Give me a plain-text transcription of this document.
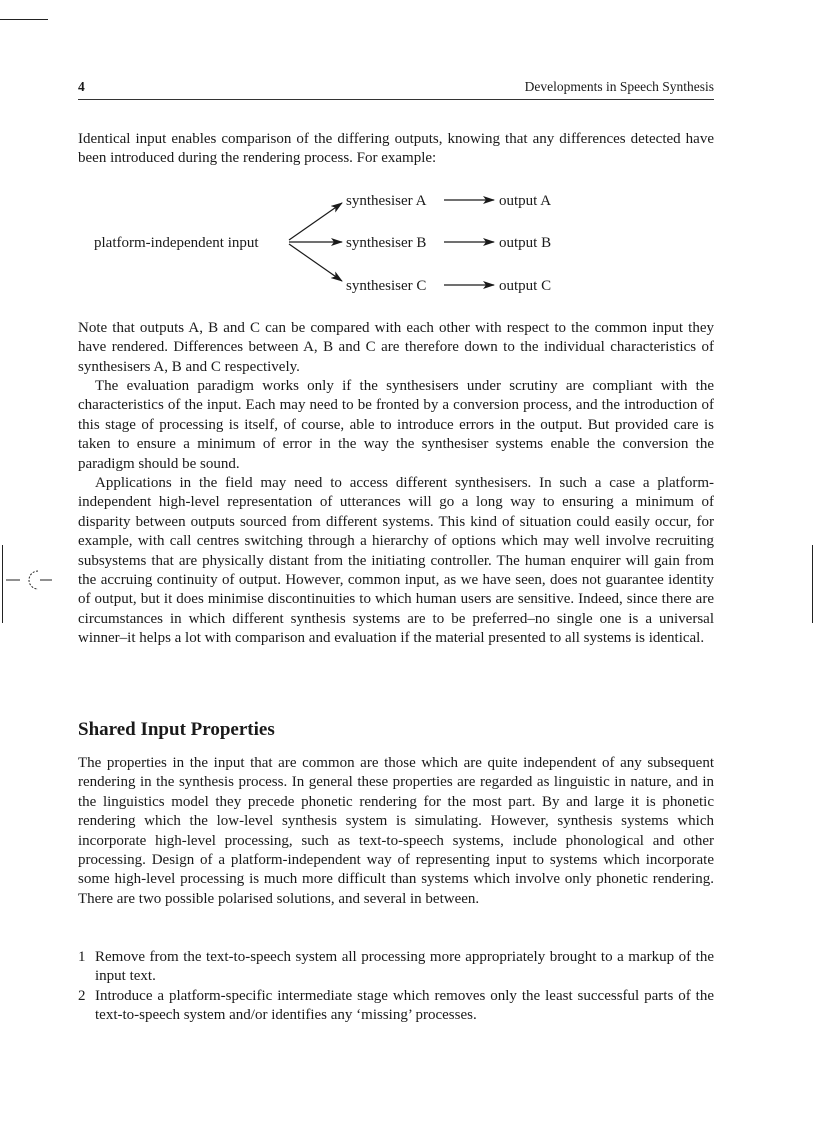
4	Developments in Speech Synthesis

Identical input enables comparison of the differing outputs, knowing that any differences detected have been introduced during the rendering process. For example:

platform-independent input
synthesiser A
synthesiser B
synthesiser C
output A
output B
output C

Note that outputs A, B and C can be compared with each other with respect to the common input they have rendered. Differences between A, B and C are therefore down to the individual characteristics of synthesisers A, B and C respectively.

The evaluation paradigm works only if the synthesisers under scrutiny are compliant with the characteristics of the input. Each may need to be fronted by a conversion process, and the introduction of this stage of processing is itself, of course, able to introduce errors in the output. But provided care is taken to ensure a minimum of error in the way the synthesiser systems enable the conversion the paradigm should be sound.

Applications in the field may need to access different synthesisers. In such a case a platform-independent high-level representation of utterances will go a long way to ensuring a minimum of disparity between outputs sourced from different systems. This kind of situation could easily occur, for example, with call centres switching through a hierarchy of options which may well involve recruiting subsystems that are physically distant from the initiating controller. The human enquirer will gain from the accruing continuity of output. However, common input, as we have seen, does not guarantee identity of output, but it does minimise discontinuities to which human users are sensitive. Indeed, since there are circumstances in which different synthesis systems are to be preferred–no single one is a universal winner–it helps a lot with comparison and evaluation if the material presented to all systems is identical.

Shared Input Properties

The properties in the input that are common are those which are quite independent of any subsequent rendering in the synthesis process. In general these properties are regarded as linguistic in nature, and in the linguistics model they precede phonetic rendering for the most part. By and large it is phonetic rendering which the low-level synthesis system is simulating. However, synthesis systems which incorporate high-level processing, such as text-to-speech systems, include phonological and other processing. Design of a platform-independent way of representing input to systems which incorporate some high-level processing is much more difficult than systems which involve only phonetic rendering. There are two possible polarised solutions, and several in between.

1 Remove from the text-to-speech system all processing more appropriately brought to a markup of the input text.
2 Introduce a platform-specific intermediate stage which removes only the least successful parts of the text-to-speech system and/or identifies any ‘missing’ processes.
